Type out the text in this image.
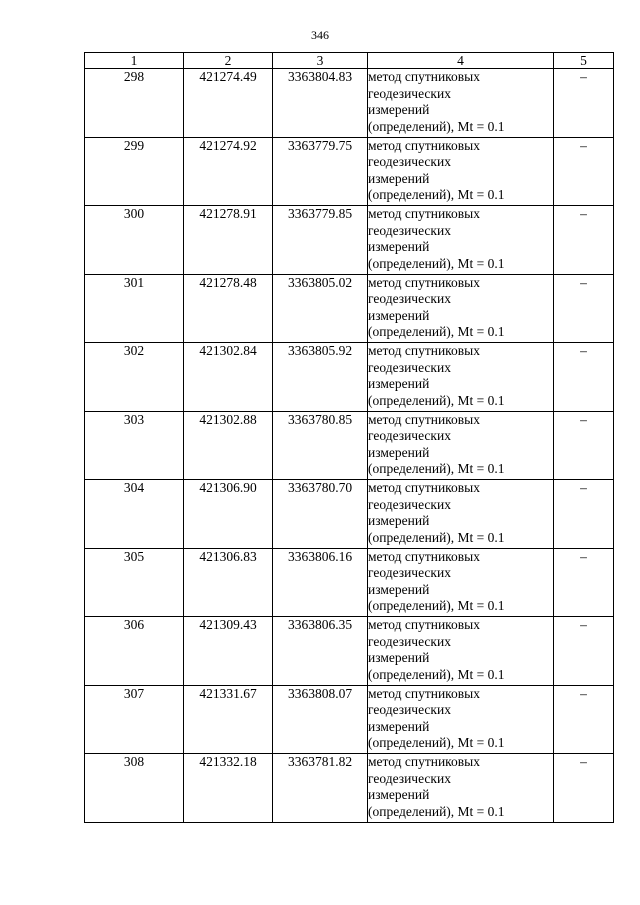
346
1	2	3	4	5
298	421274.49	3363804.83	метод спутниковых
геодезических
измерений
(определений), Mt = 0.1	–
299	421274.92	3363779.75	метод спутниковых
геодезических
измерений
(определений), Mt = 0.1	–
300	421278.91	3363779.85	метод спутниковых
геодезических
измерений
(определений), Mt = 0.1	–
301	421278.48	3363805.02	метод спутниковых
геодезических
измерений
(определений), Mt = 0.1	–
302	421302.84	3363805.92	метод спутниковых
геодезических
измерений
(определений), Mt = 0.1	–
303	421302.88	3363780.85	метод спутниковых
геодезических
измерений
(определений), Mt = 0.1	–
304	421306.90	3363780.70	метод спутниковых
геодезических
измерений
(определений), Mt = 0.1	–
305	421306.83	3363806.16	метод спутниковых
геодезических
измерений
(определений), Mt = 0.1	–
306	421309.43	3363806.35	метод спутниковых
геодезических
измерений
(определений), Mt = 0.1	–
307	421331.67	3363808.07	метод спутниковых
геодезических
измерений
(определений), Mt = 0.1	–
308	421332.18	3363781.82	метод спутниковых
геодезических
измерений
(определений), Mt = 0.1	–
